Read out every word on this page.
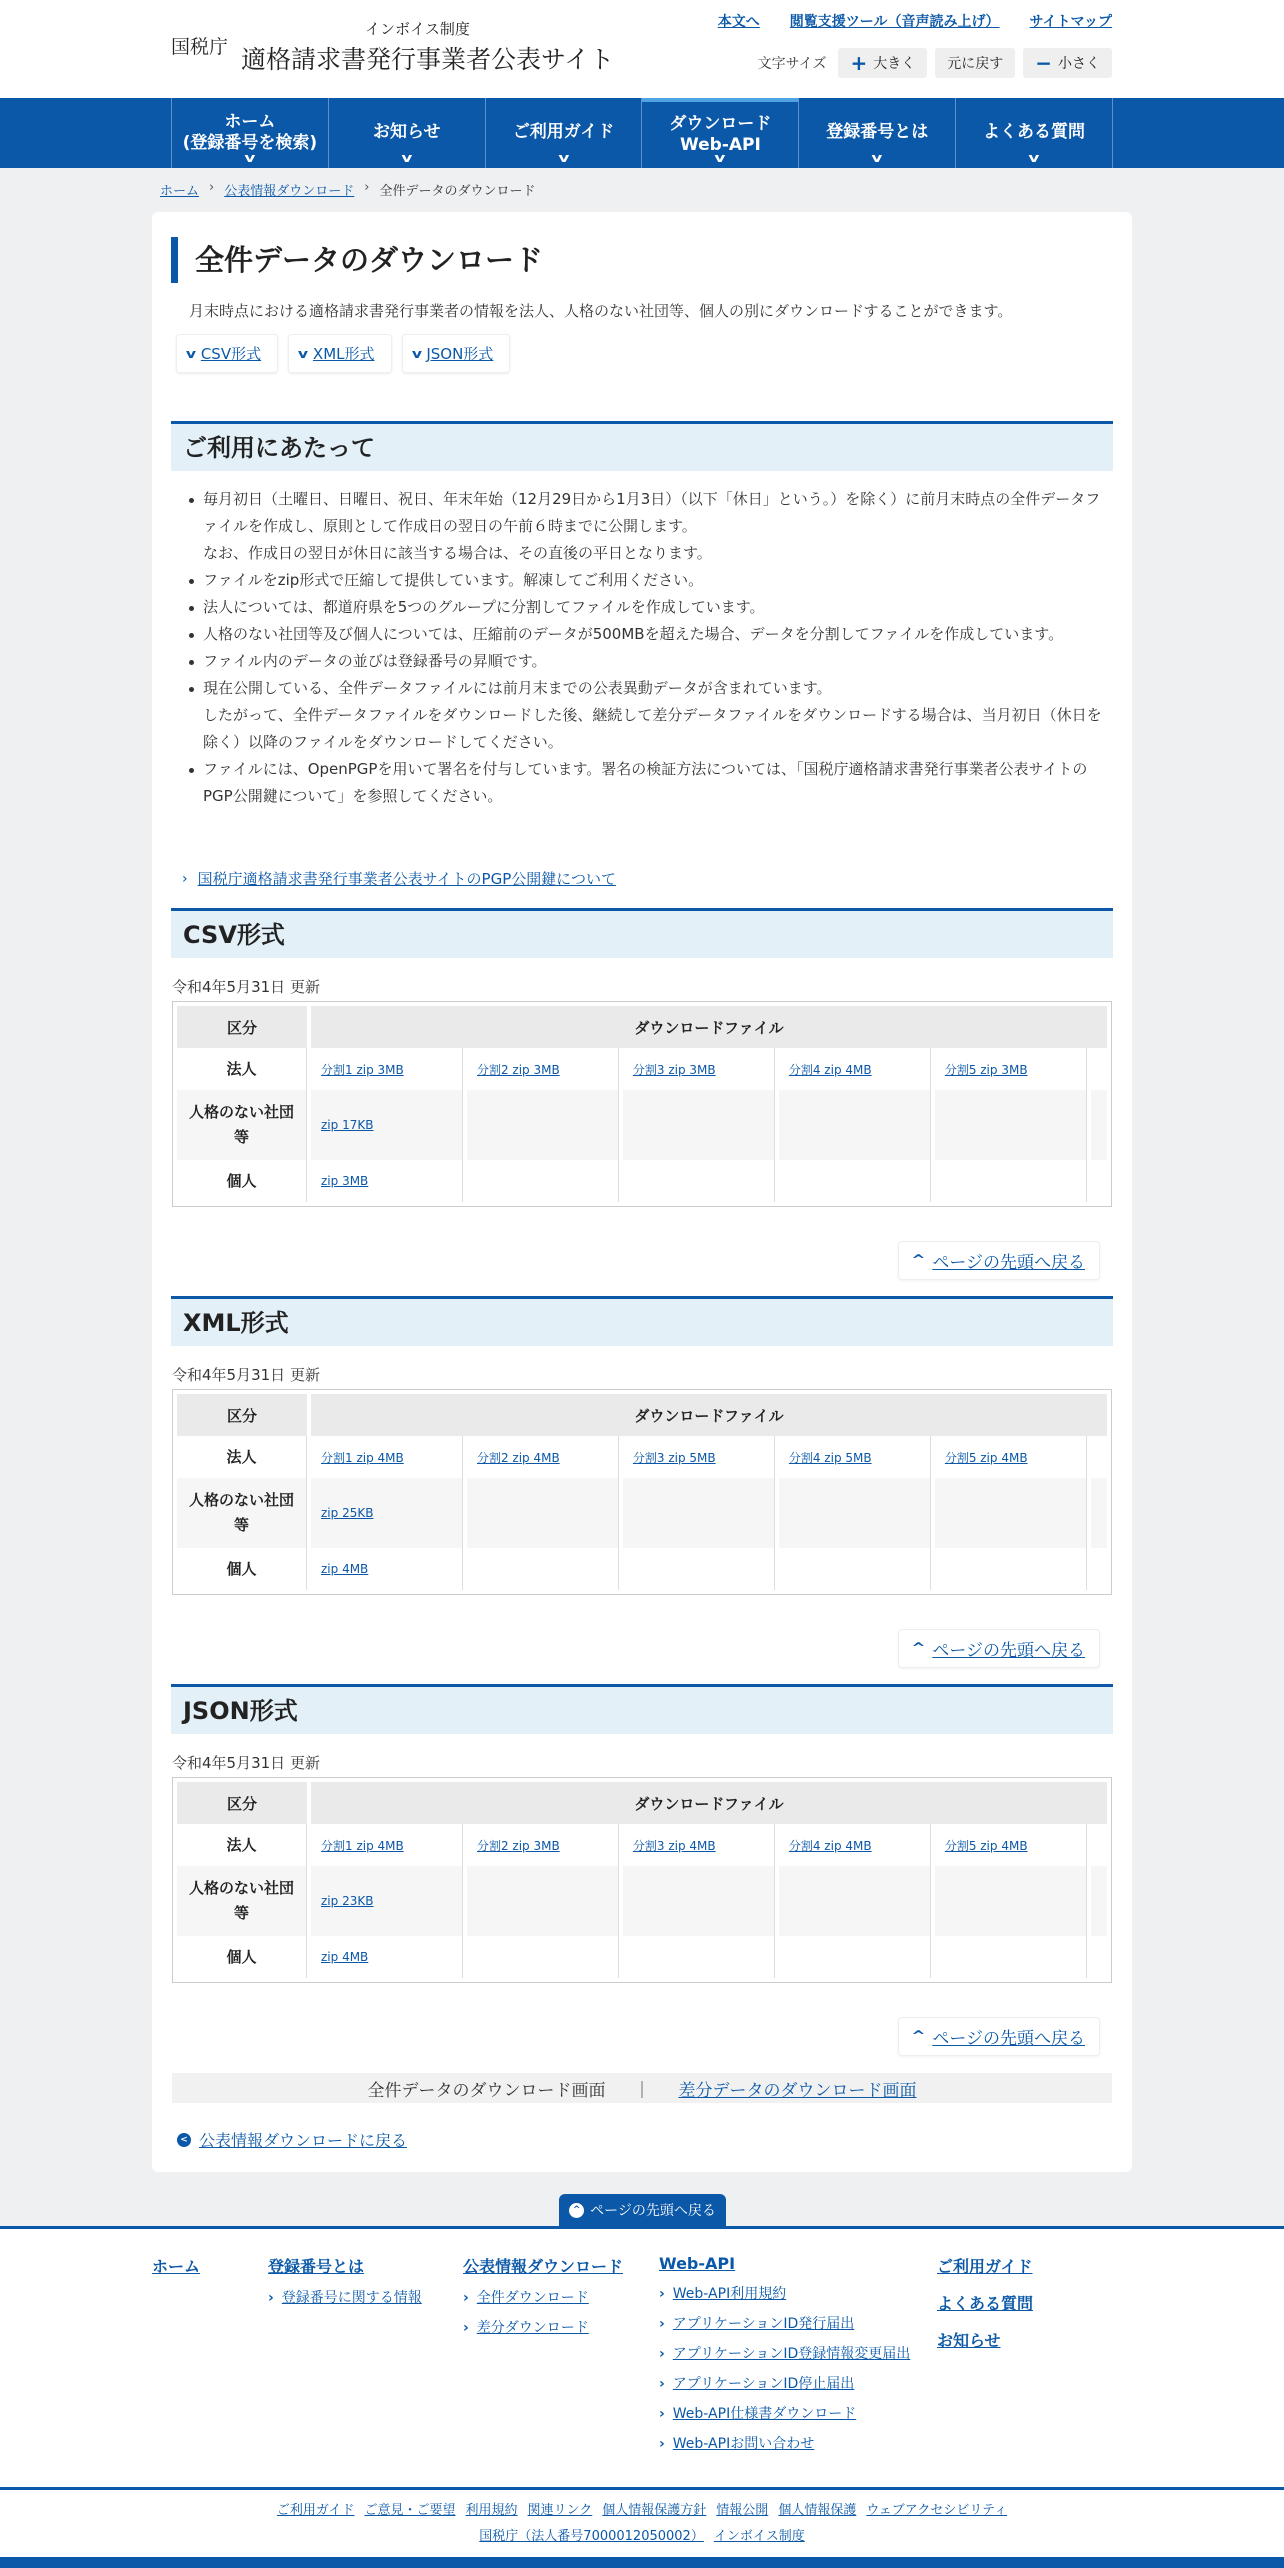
国税庁
インボイス制度
適格請求書発行事業者公表サイト
本文へ 閲覧支援ツール（音声読み上げ） サイトマップ
文字サイズ + 大きく 元に戻す − 小さく
ホーム
(登録番号を検索)
v
お知らせ
v
ご利用ガイド
v
ダウンロード
Web-API
v
登録番号とは
v
よくある質問
v
ホーム › 公表情報ダウンロード › 全件データのダウンロード
全件データのダウンロード
月末時点における適格請求書発行事業者の情報を法人、人格のない社団等、個人の別にダウンロードすることができます。
v CSV形式	v XML形式	v JSON形式
ご利用にあたって
毎月初日（土曜日、日曜日、祝日、年末年始（12月29日から1月3日）（以下「休日」という。）を除く）に前月末時点の全件データファイルを作成し、原則として作成日の翌日の午前６時までに公開します。
なお、作成日の翌日が休日に該当する場合は、その直後の平日となります。
ファイルをzip形式で圧縮して提供しています。解凍してご利用ください。
法人については、都道府県を5つのグループに分割してファイルを作成しています。
人格のない社団等及び個人については、圧縮前のデータが500MBを超えた場合、データを分割してファイルを作成しています。
ファイル内のデータの並びは登録番号の昇順です。
現在公開している、全件データファイルには前月末までの公表異動データが含まれています。
したがって、全件データファイルをダウンロードした後、継続して差分データファイルをダウンロードする場合は、当月初日（休日を除く）以降のファイルをダウンロードしてください。
ファイルには、OpenPGPを用いて署名を付与しています。署名の検証方法については、「国税庁適格請求書発行事業者公表サイトのPGP公開鍵について」を参照してください。
› 国税庁適格請求書発行事業者公表サイトのPGP公開鍵について
CSV形式
令和4年5月31日 更新
区分	ダウンロードファイル					
法人	分割1 zip 3MB	分割2 zip 3MB	分割3 zip 3MB	分割4 zip 4MB	分割5 zip 3MB	
人格のない社団等	zip 17KB					
個人	zip 3MB					
^ ページの先頭へ戻る
XML形式
令和4年5月31日 更新
区分	ダウンロードファイル					
法人	分割1 zip 4MB	分割2 zip 4MB	分割3 zip 5MB	分割4 zip 5MB	分割5 zip 4MB	
人格のない社団等	zip 25KB					
個人	zip 4MB					
^ ページの先頭へ戻る
JSON形式
令和4年5月31日 更新
区分	ダウンロードファイル					
法人	分割1 zip 4MB	分割2 zip 3MB	分割3 zip 4MB	分割4 zip 4MB	分割5 zip 4MB	
人格のない社団等	zip 23KB					
個人	zip 4MB					
^ ページの先頭へ戻る
全件データのダウンロード画面 ｜ 差分データのダウンロード画面
< 公表情報ダウンロードに戻る
^ ページの先頭へ戻る
ホーム	登録番号とは
› 登録番号に関する情報
公表情報ダウンロード
› 全件ダウンロード
› 差分ダウンロード
Web-API
› Web-API利用規約
› アプリケーションID発行届出
› アプリケーションID登録情報変更届出
› アプリケーションID停止届出
› Web-API仕様書ダウンロード
› Web-APIお問い合わせ
ご利用ガイド
よくある質問
お知らせ
ご利用ガイド ご意見・ご要望 利用規約 関連リンク 個人情報保護方針 情報公開 個人情報保護 ウェブアクセシビリティ
国税庁（法人番号7000012050002） インボイス制度
